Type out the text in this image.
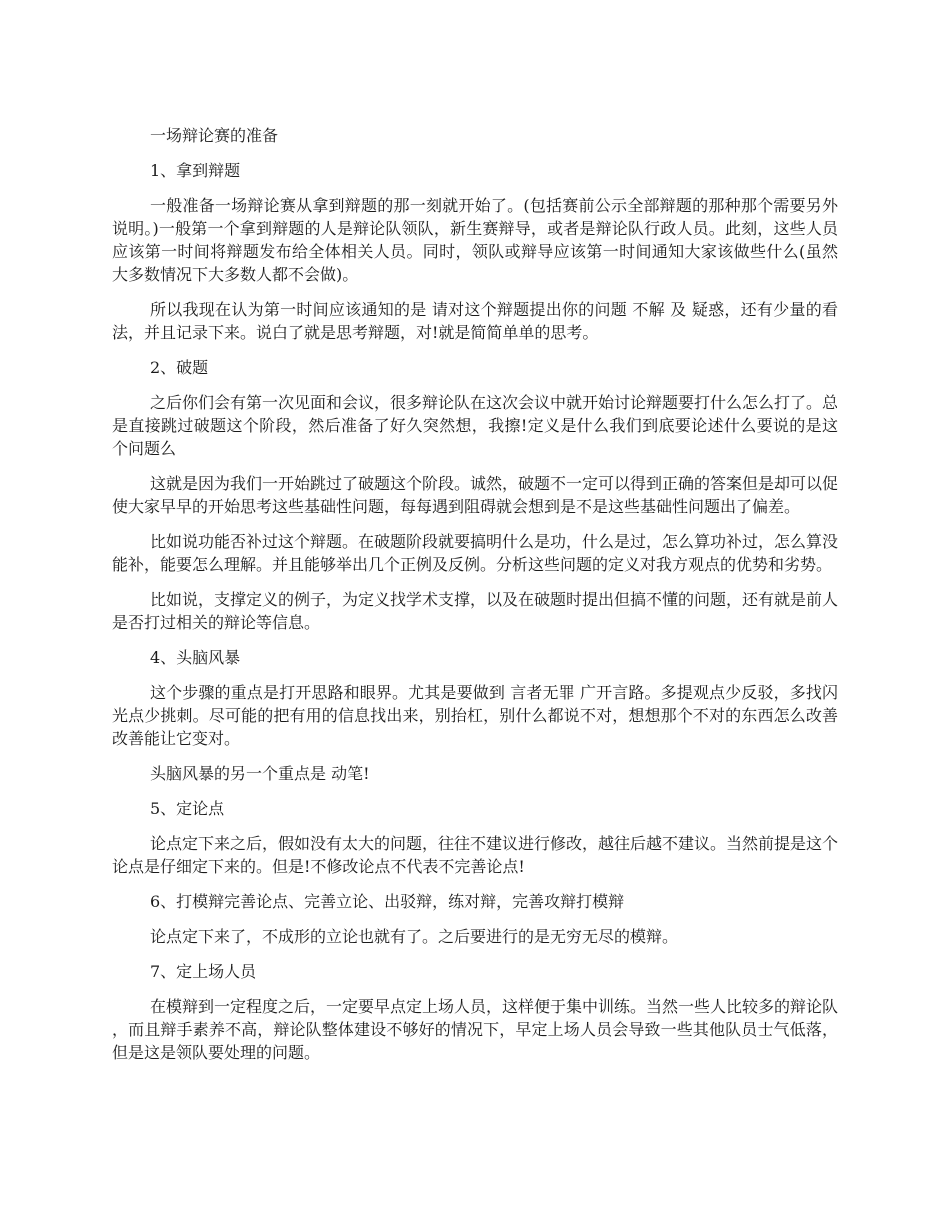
一场辩论赛的准备
1、拿到辩题
一般准备一场辩论赛从拿到辩题的那一刻就开始了。(包括赛前公示全部辩题的那种那个需要另外说明。)一般第一个拿到辩题的人是辩论队领队，新生赛辩导，或者是辩论队行政人员。此刻，这些人员应该第一时间将辩题发布给全体相关人员。同时，领队或辩导应该第一时间通知大家该做些什么(虽然大多数情况下大多数人都不会做)。
所以我现在认为第一时间应该通知的是 请对这个辩题提出你的问题 不解 及 疑惑，还有少量的看法，并且记录下来。说白了就是思考辩题，对!就是简简单单的思考。
2、破题
之后你们会有第一次见面和会议，很多辩论队在这次会议中就开始讨论辩题要打什么怎么打了。总是直接跳过破题这个阶段，然后准备了好久突然想，我擦!定义是什么我们到底要论述什么要说的是这个问题么
这就是因为我们一开始跳过了破题这个阶段。诚然，破题不一定可以得到正确的答案但是却可以促使大家早早的开始思考这些基础性问题，每每遇到阻碍就会想到是不是这些基础性问题出了偏差。
比如说功能否补过这个辩题。在破题阶段就要搞明什么是功，什么是过，怎么算功补过，怎么算没能补，能要怎么理解。并且能够举出几个正例及反例。分析这些问题的定义对我方观点的优势和劣势。
比如说，支撑定义的例子，为定义找学术支撑，以及在破题时提出但搞不懂的问题，还有就是前人是否打过相关的辩论等信息。
4、头脑风暴
这个步骤的重点是打开思路和眼界。尤其是要做到 言者无罪 广开言路。多提观点少反驳，多找闪光点少挑刺。尽可能的把有用的信息找出来，别抬杠，别什么都说不对，想想那个不对的东西怎么改善改善能让它变对。
头脑风暴的另一个重点是 动笔!
5、定论点
论点定下来之后，假如没有太大的问题，往往不建议进行修改，越往后越不建议。当然前提是这个论点是仔细定下来的。但是!不修改论点不代表不完善论点!
6、打模辩完善论点、完善立论、出驳辩，练对辩，完善攻辩打模辩
论点定下来了，不成形的立论也就有了。之后要进行的是无穷无尽的模辩。
7、定上场人员
在模辩到一定程度之后，一定要早点定上场人员，这样便于集中训练。当然一些人比较多的辩论队，而且辩手素养不高，辩论队整体建设不够好的情况下，早定上场人员会导致一些其他队员士气低落，但是这是领队要处理的问题。
